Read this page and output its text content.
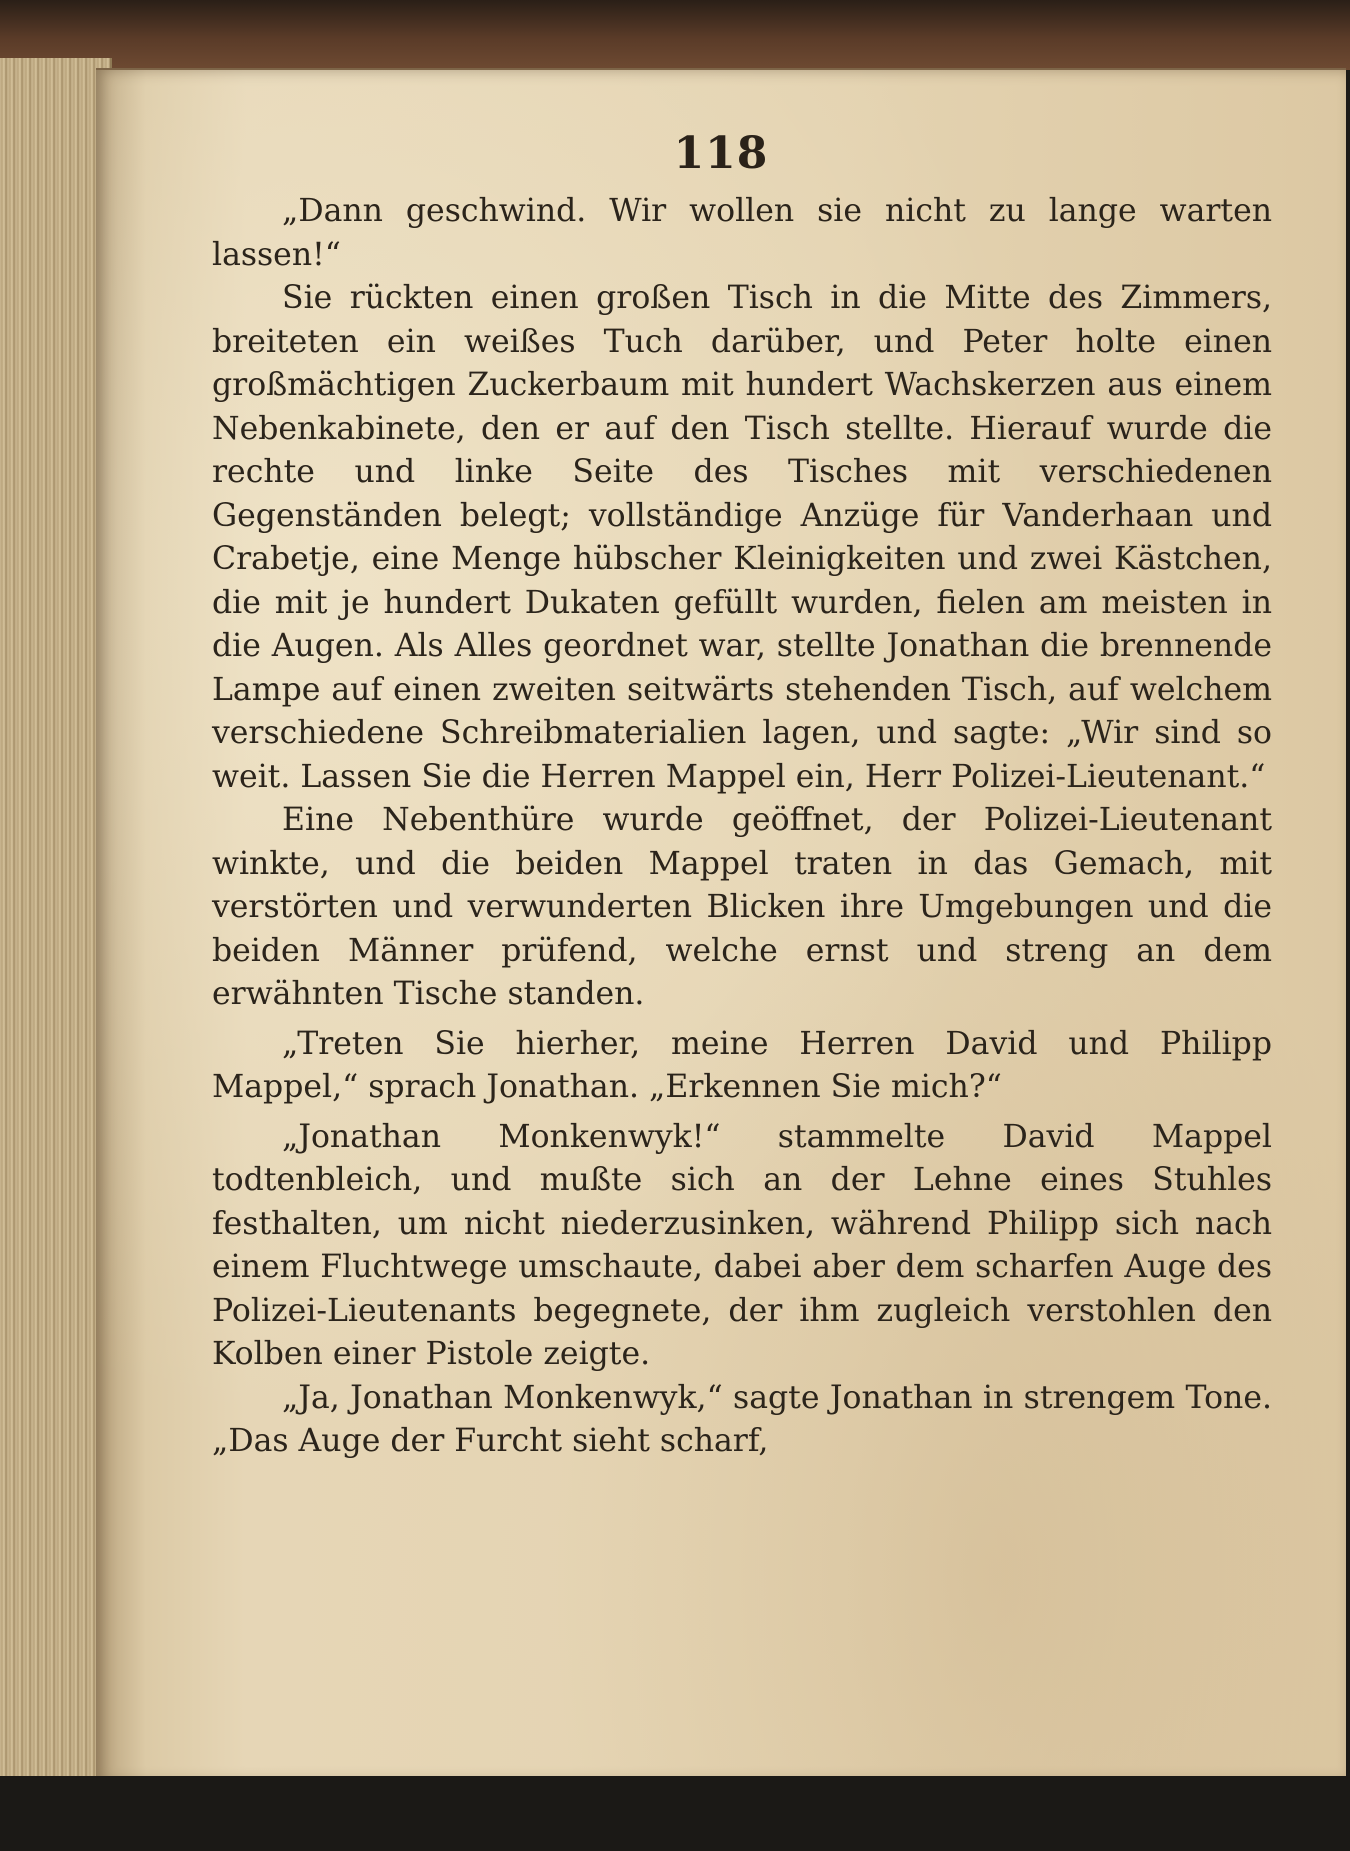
118

„Dann geschwind. Wir wollen sie nicht zu lange warten lassen!“

Sie rückten einen großen Tisch in die Mitte des Zimmers, breiteten ein weißes Tuch darüber, und Peter holte einen großmächtigen Zuckerbaum mit hundert Wachskerzen aus einem Nebenkabinete, den er auf den Tisch stellte. Hierauf wurde die rechte und linke Seite des Tisches mit verschiedenen Gegenständen belegt; vollständige Anzüge für Vanderhaan und Crabetje, eine Menge hübscher Kleinigkeiten und zwei Kästchen, die mit je hundert Dukaten gefüllt wurden, fielen am meisten in die Augen. Als Alles geordnet war, stellte Jonathan die brennende Lampe auf einen zweiten seitwärts stehenden Tisch, auf welchem verschiedene Schreibmaterialien lagen, und sagte: „Wir sind so weit. Lassen Sie die Herren Mappel ein, Herr Polizei-Lieutenant.“

Eine Nebenthüre wurde geöffnet, der Polizei-Lieutenant winkte, und die beiden Mappel traten in das Gemach, mit verstörten und verwunderten Blicken ihre Umgebungen und die beiden Männer prüfend, welche ernst und streng an dem erwähnten Tische standen.

„Treten Sie hierher, meine Herren David und Philipp Mappel,“ sprach Jonathan. „Erkennen Sie mich?“

„Jonathan Monkenwyk!“ stammelte David Mappel todtenbleich, und mußte sich an der Lehne eines Stuhles festhalten, um nicht niederzusinken, während Philipp sich nach einem Fluchtwege umschaute, dabei aber dem scharfen Auge des Polizei-Lieutenants begegnete, der ihm zugleich verstohlen den Kolben einer Pistole zeigte.

„Ja, Jonathan Monkenwyk,“ sagte Jonathan in strengem Tone. „Das Auge der Furcht sieht scharf,
